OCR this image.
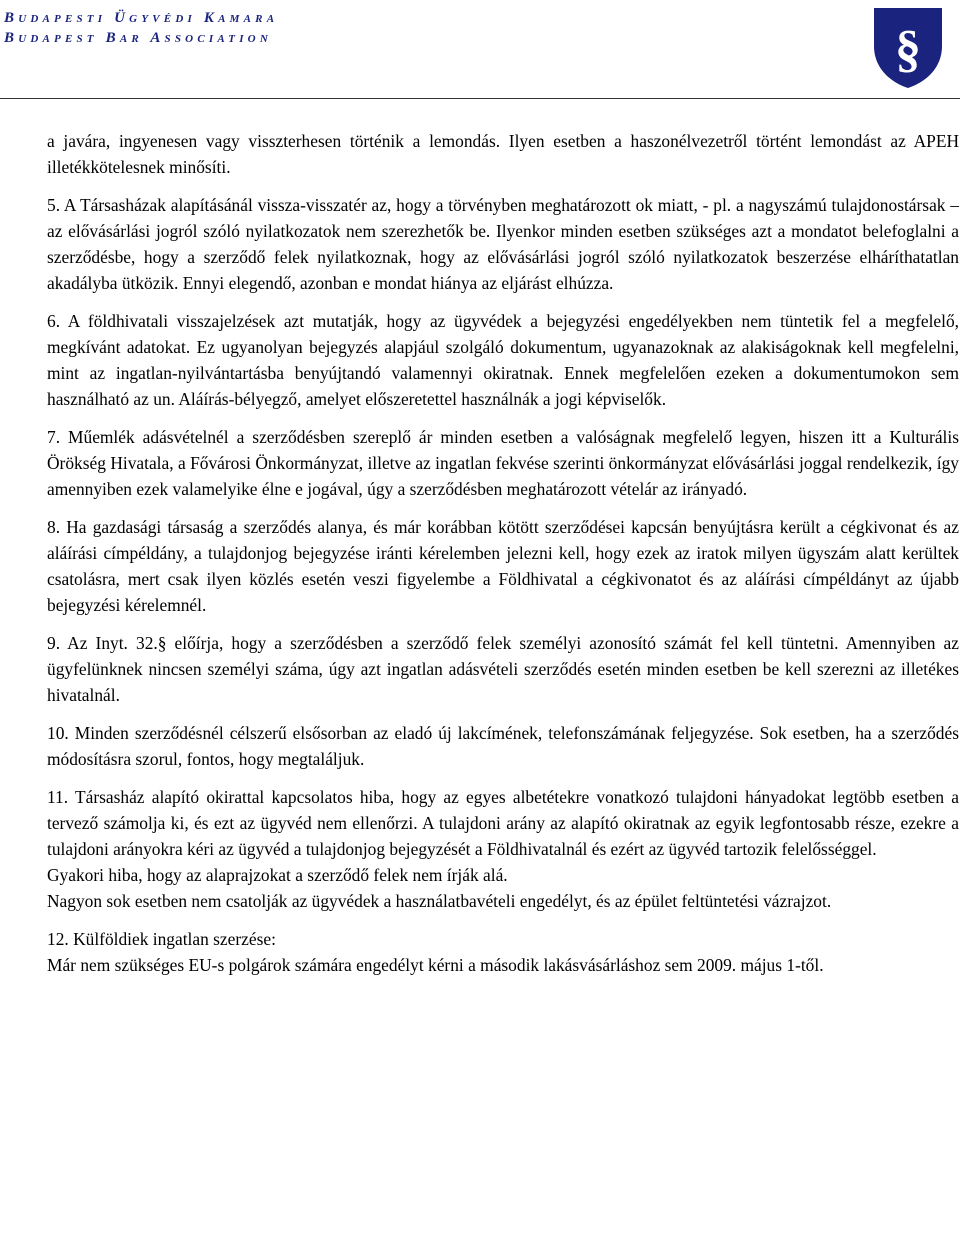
Budapesti Ügyvédi Kamara
Budapest Bar Association	§

a javára, ingyenesen vagy visszterhesen történik a lemondás. Ilyen esetben a haszonélvezetről történt lemondást az APEH illetékkötelesnek minősíti.

5. A Társasházak alapításánál vissza-visszatér az, hogy a törvényben meghatározott ok miatt, - pl. a nagyszámú tulajdonostársak – az elővásárlási jogról szóló nyilatkozatok nem szerezhetők be. Ilyenkor minden esetben szükséges azt a mondatot belefoglalni a szerződésbe, hogy a szerződő felek nyilatkoznak, hogy az elővásárlási jogról szóló nyilatkozatok beszerzése elháríthatatlan akadályba ütközik. Ennyi elegendő, azonban e mondat hiánya az eljárást elhúzza.

6. A földhivatali visszajelzések azt mutatják, hogy az ügyvédek a bejegyzési engedélyekben nem tüntetik fel a megfelelő, megkívánt adatokat. Ez ugyanolyan bejegyzés alapjául szolgáló dokumentum, ugyanazoknak az alakiságoknak kell megfelelni, mint az ingatlan-nyilvántartásba benyújtandó valamennyi okiratnak. Ennek megfelelően ezeken a dokumentumokon sem használható az un. Aláírás-bélyegző, amelyet előszeretettel használnák a jogi képviselők.

7. Műemlék adásvételnél a szerződésben szereplő ár minden esetben a valóságnak megfelelő legyen, hiszen itt a Kulturális Örökség Hivatala, a Fővárosi Önkormányzat, illetve az ingatlan fekvése szerinti önkormányzat elővásárlási joggal rendelkezik, így amennyiben ezek valamelyike élne e jogával, úgy a szerződésben meghatározott vételár az irányadó.

8. Ha gazdasági társaság a szerződés alanya, és már korábban kötött szerződései kapcsán benyújtásra került a cégkivonat és az aláírási címpéldány, a tulajdonjog bejegyzése iránti kérelemben jelezni kell, hogy ezek az iratok milyen ügyszám alatt kerültek csatolásra, mert csak ilyen közlés esetén veszi figyelembe a Földhivatal a cégkivonatot és az aláírási címpéldányt az újabb bejegyzési kérelemnél.

9. Az Inyt. 32.§ előírja, hogy a szerződésben a szerződő felek személyi azonosító számát fel kell tüntetni. Amennyiben az ügyfelünknek nincsen személyi száma, úgy azt ingatlan adásvételi szerződés esetén minden esetben be kell szerezni az illetékes hivatalnál.

10. Minden szerződésnél célszerű elsősorban az eladó új lakcímének, telefonszámának feljegyzése. Sok esetben, ha a szerződés módosításra szorul, fontos, hogy megtaláljuk.

11. Társasház alapító okirattal kapcsolatos hiba, hogy az egyes albetétekre vonatkozó tulajdoni hányadokat legtöbb esetben a tervező számolja ki, és ezt az ügyvéd nem ellenőrzi. A tulajdoni arány az alapító okiratnak az egyik legfontosabb része, ezekre a tulajdoni arányokra kéri az ügyvéd a tulajdonjog bejegyzését a Földhivatalnál és ezért az ügyvéd tartozik felelősséggel.
Gyakori hiba, hogy az alaprajzokat a szerződő felek nem írják alá.
Nagyon sok esetben nem csatolják az ügyvédek a használatbavételi engedélyt, és az épület feltüntetési vázrajzot.

12. Külföldiek ingatlan szerzése:
Már nem szükséges EU-s polgárok számára engedélyt kérni a második lakásvásárláshoz sem 2009. május 1-től.
